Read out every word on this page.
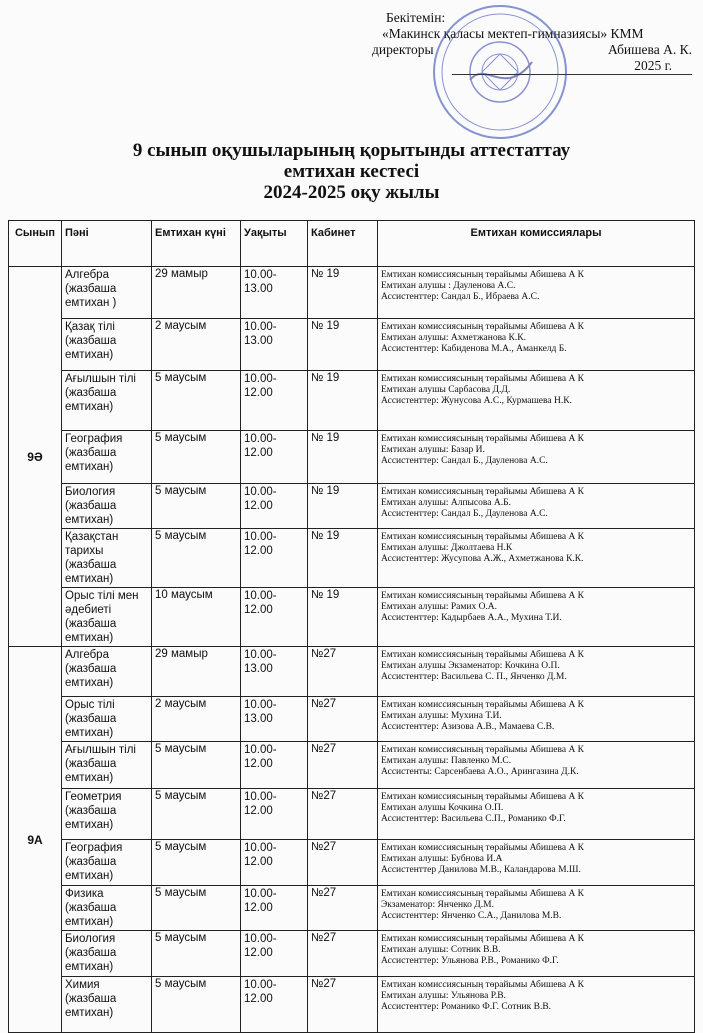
Бекітемін:
«Макинск қаласы мектеп-гимназиясы» КММ
директоры	Абишева А. К.
2025 г.
9 сынып оқушыларының қорытынды аттестаттау
емтихан кестесі
2024-2025 оқу жылы
Сынып	Пәні	Емтихан күні	Уақыты	Кабинет	Емтихан комиссиялары
9Ә	Алгебра (жазбаша емтихан )	29 мамыр	10.00-13.00	№ 19	Емтихан комиссиясының төрайымы Абишева А К
Емтихан алушы : Дауленова А.С.
Ассистенттер: Сандал Б., Ибраева А.С.

	Қазақ тілі (жазбаша емтихан)	2 маусым	10.00-13.00	№ 19	Емтихан комиссиясының төрайымы Абишева А К
Емтихан алушы: Ахметжанова К.К.
Ассистенттер: Кабиденова М.А., Аманкелд Б.

	Ағылшын тілі (жазбаша емтихан)	5 маусым	10.00-12.00	№ 19	Емтихан комиссиясының төрайымы Абишева А К
Емтихан алушы Сарбасова Д.Д.
Ассистенттер: Жунусова А.С., Курмашева Н.К.

	География (жазбаша емтихан)	5 маусым	10.00-12.00	№ 19	Емтихан комиссиясының төрайымы Абишева А К
Емтихан алушы: Базар И.
Ассистенттер: Сандал Б., Дауленова А.С.

	Биология (жазбаша емтихан)	5 маусым	10.00-12.00	№ 19	Емтихан комиссиясының төрайымы Абишева А К
Емтихан алушы: Алпысова А.Б.
Ассистенттер: Сандал Б., Дауленова А.С.

	Қазақстан тарихы (жазбаша емтихан)	5 маусым	10.00-12.00	№ 19	Емтихан комиссиясының төрайымы Абишева А К
Емтихан алушы: Джолтаева Н.К
Ассистенттер: Жусупова А.Ж., Ахметжанова К.К.

	Орыс тілі мен әдебиеті (жазбаша емтихан)	10 маусым	10.00-12.00	№ 19	Емтихан комиссиясының төрайымы Абишева А К
Емтихан алушы: Рамих О.А.
Ассистенттер: Кадырбаев А.А., Мухина Т.И.

9А	Алгебра (жазбаша емтихан)	29 мамыр	10.00-13.00	№27	Емтихан комиссиясының төрайымы Абишева А К
Емтихан алушы Экзаменатор: Кочкина О.П.
Ассистенттер: Васильева С. П., Янченко Д.М.

	Орыс тілі (жазбаша емтихан)	2 маусым	10.00-13.00	№27	Емтихан комиссиясының төрайымы Абишева А К
Емтихан алушы: Мухина Т.И.
Ассистенттер: Азизова А.В., Мамаева С.В.

	Ағылшын тілі (жазбаша емтихан)	5 маусым	10.00-12.00	№27	Емтихан комиссиясының төрайымы Абишева А К
Емтихан алушы: Павленко М.С.
Ассистенты: Сарсенбаева А.О., Арингазина Д.К.

	Геометрия (жазбаша емтихан)	5 маусым	10.00-12.00	№27	Емтихан комиссиясының төрайымы Абишева А К
Емтихан алушы Кочкина О.П.
Ассистенттер: Васильева С.П., Романико Ф.Г.

	География (жазбаша емтихан)	5 маусым	10.00-12.00	№27	Емтихан комиссиясының төрайымы Абишева А К
Емтихан алушы: Бубнова И.А
Ассистенттер Данилова М.В., Каландарова М.Ш.

	Физика (жазбаша емтихан)	5 маусым	10.00-12.00	№27	Емтихан комиссиясының төрайымы Абишева А К
Экзаменатор: Янченко Д.М.
Ассистенттер: Янченко С.А., Данилова М.В.

	Биология (жазбаша емтихан)	5 маусым	10.00-12.00	№27	Емтихан комиссиясының төрайымы Абишева А К
Емтихан алушы: Сотник В.В.
Ассистенттер: Ульянова Р.В., Романико Ф.Г.

	Химия (жазбаша емтихан)	5 маусым	10.00-12.00	№27	Емтихан комиссиясының төрайымы Абишева А К
Емтихан алушы: Ульянова Р.В.
Ассистенттер: Романико Ф.Г. Сотник В.В.
